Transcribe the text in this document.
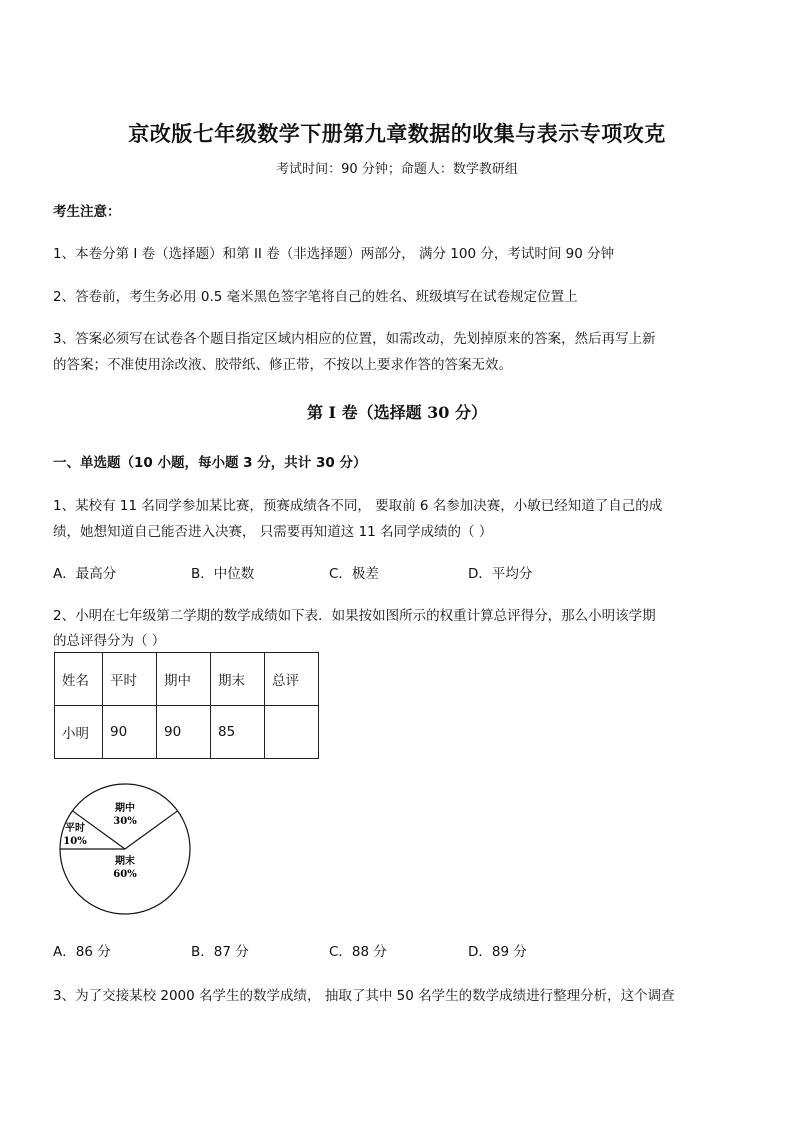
京改版七年级数学下册第九章数据的收集与表示专项攻克
考试时间：90 分钟；命题人：数学教研组
考生注意：
1、本卷分第 I 卷（选择题）和第 II 卷（非选择题）两部分， 满分 100 分，考试时间 90 分钟
2、答卷前，考生务必用 0.5 毫米黑色签字笔将自己的姓名、班级填写在试卷规定位置上
3、答案必须写在试卷各个题目指定区域内相应的位置，如需改动，先划掉原来的答案，然后再写上新
的答案；不准使用涂改液、胶带纸、修正带，不按以上要求作答的答案无效。
第 I 卷（选择题 30 分）
一、单选题（10 小题，每小题 3 分，共计 30 分）
1、某校有 11 名同学参加某比赛，预赛成绩各不同， 要取前 6 名参加决赛，小敏已经知道了自己的成
绩，她想知道自己能否进入决赛， 只需要再知道这 11 名同学成绩的（ ）
A．最高分	B．中位数	C．极差	D．平均分
2、小明在七年级第二学期的数学成绩如下表．如果按如图所示的权重计算总评得分，那么小明该学期
的总评得分为（ ）
姓名	平时	期中	期末	总评
小明	90	90	85	
期中
30%
平时
10%
期末
60%
A．86 分	B．87 分	C．88 分	D．89 分
3、为了交接某校 2000 名学生的数学成绩， 抽取了其中 50 名学生的数学成绩进行整理分析，这个调查
